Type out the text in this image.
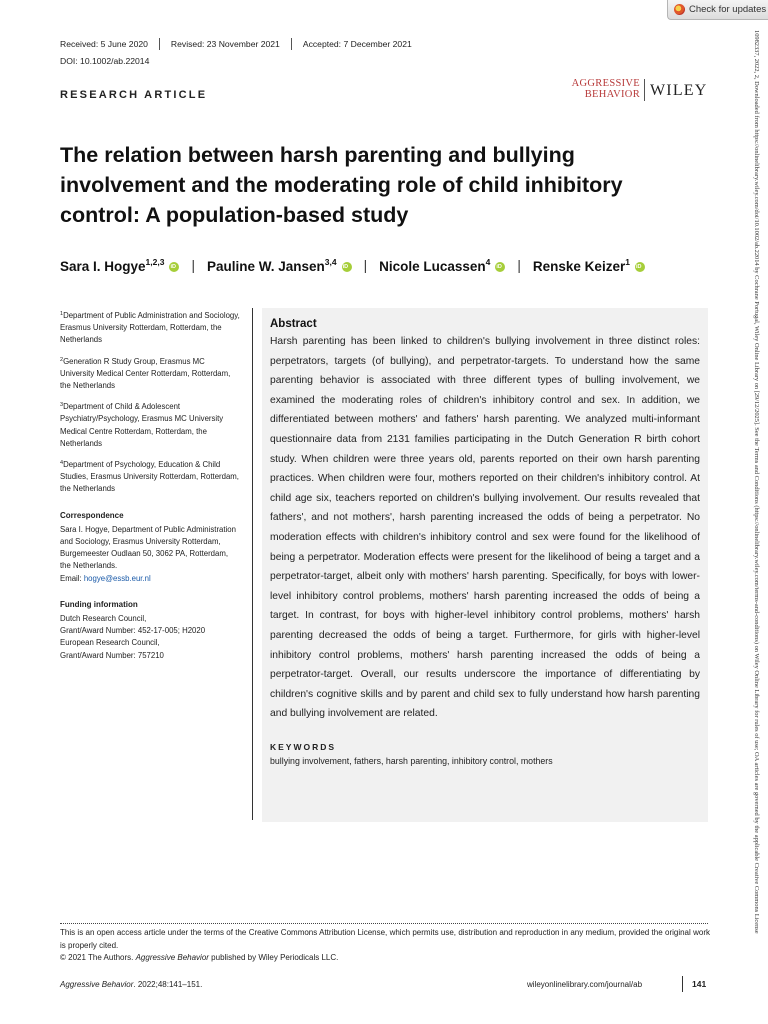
Check for updates
Received: 5 June 2020	Revised: 23 November 2021	Accepted: 7 December 2021
DOI: 10.1002/ab.22014
RESEARCH ARTICLE
AGGRESSIVE
BEHAVIOR WILEY
The relation between harsh parenting and bullying involvement and the moderating role of child inhibitory control: A population-based study
Sara I. Hogye$^{1,2,3}$ iD | Pauline W. Jansen$^{3,4}$ iD | Nicole Lucassen$^4$ iD | Renske Keizer$^1$
iD
$^1$Department of Public Administration and Sociology, Erasmus University Rotterdam, Rotterdam, the Netherlands
$^2$Generation R Study Group, Erasmus MC University Medical Center Rotterdam, Rotterdam, the Netherlands
$^3$Department of Child & Adolescent Psychiatry/Psychology, Erasmus MC University Medical Centre Rotterdam, Rotterdam, the Netherlands
$^4$Department of Psychology, Education & Child Studies, Erasmus University Rotterdam, Rotterdam, the Netherlands
Correspondence
Sara I. Hogye, Department of Public Administration and Sociology, Erasmus University Rotterdam, Burgemeester Oudlaan 50, 3062 PA, Rotterdam, the Netherlands.
Email: hogye@essb.eur.nl
Funding information
Dutch Research Council,
Grant/Award Number: 452-17-005; H2020
European Research Council,
Grant/Award Number: 757210
Abstract

Harsh parenting has been linked to children's bullying involvement in three distinct roles: perpetrators, targets (of bullying), and perpetrator-targets. To understand how the same parenting behavior is associated with three different types of bulling involvement, we examined the moderating roles of children's inhibitory control and sex. In addition, we differentiated between mothers' and fathers' harsh parenting. We analyzed multi-informant questionnaire data from 2131 families participating in the Dutch Generation R birth cohort study. When children were three years old, parents reported on their own harsh parenting practices. When children were four, mothers reported on their children's inhibitory control. At child age six, teachers reported on children's bullying involvement. Our results revealed that fathers', and not mothers', harsh parenting increased the odds of being a perpetrator. No moderation effects with children's inhibitory control and sex were found for the likelihood of being a perpetrator. Moderation effects were present for the likelihood of being a target and a perpetrator-target, albeit only with mothers' harsh parenting. Specifically, for boys with lower-level inhibitory control problems, mothers' harsh parenting increased the odds of being a target. In contrast, for boys with higher-level inhibitory control problems, mothers' harsh parenting decreased the odds of being a target. Furthermore, for girls with higher-level inhibitory control problems, mothers' harsh parenting increased the odds of being a perpetrator-target. Overall, our results underscore the importance of differentiating by children's cognitive skills and by parent and child sex to fully understand how harsh parenting and bullying involvement are related.

KEYWORDS

bullying involvement, fathers, harsh parenting, inhibitory control, mothers

This is an open access article under the terms of the Creative Commons Attribution License, which permits use, distribution and reproduction in any medium, provided the original work is properly cited.
© 2021 The Authors. Aggressive Behavior published by Wiley Periodicals LLC.
Aggressive Behavior. 2022;48:141–151.	wileyonlinelibrary.com/journal/ab	141
10982337, 2022, 2, Downloaded from https://onlinelibrary.wiley.com/doi/10.1002/ab.22014 by Cochrane Portugal, Wiley Online Library on [29/12/2025]. See the Terms and Conditions (https://onlinelibrary.wiley.com/terms-and-conditions) on Wiley Online Library for rules of use; OA articles are governed by the applicable Creative Commons License
